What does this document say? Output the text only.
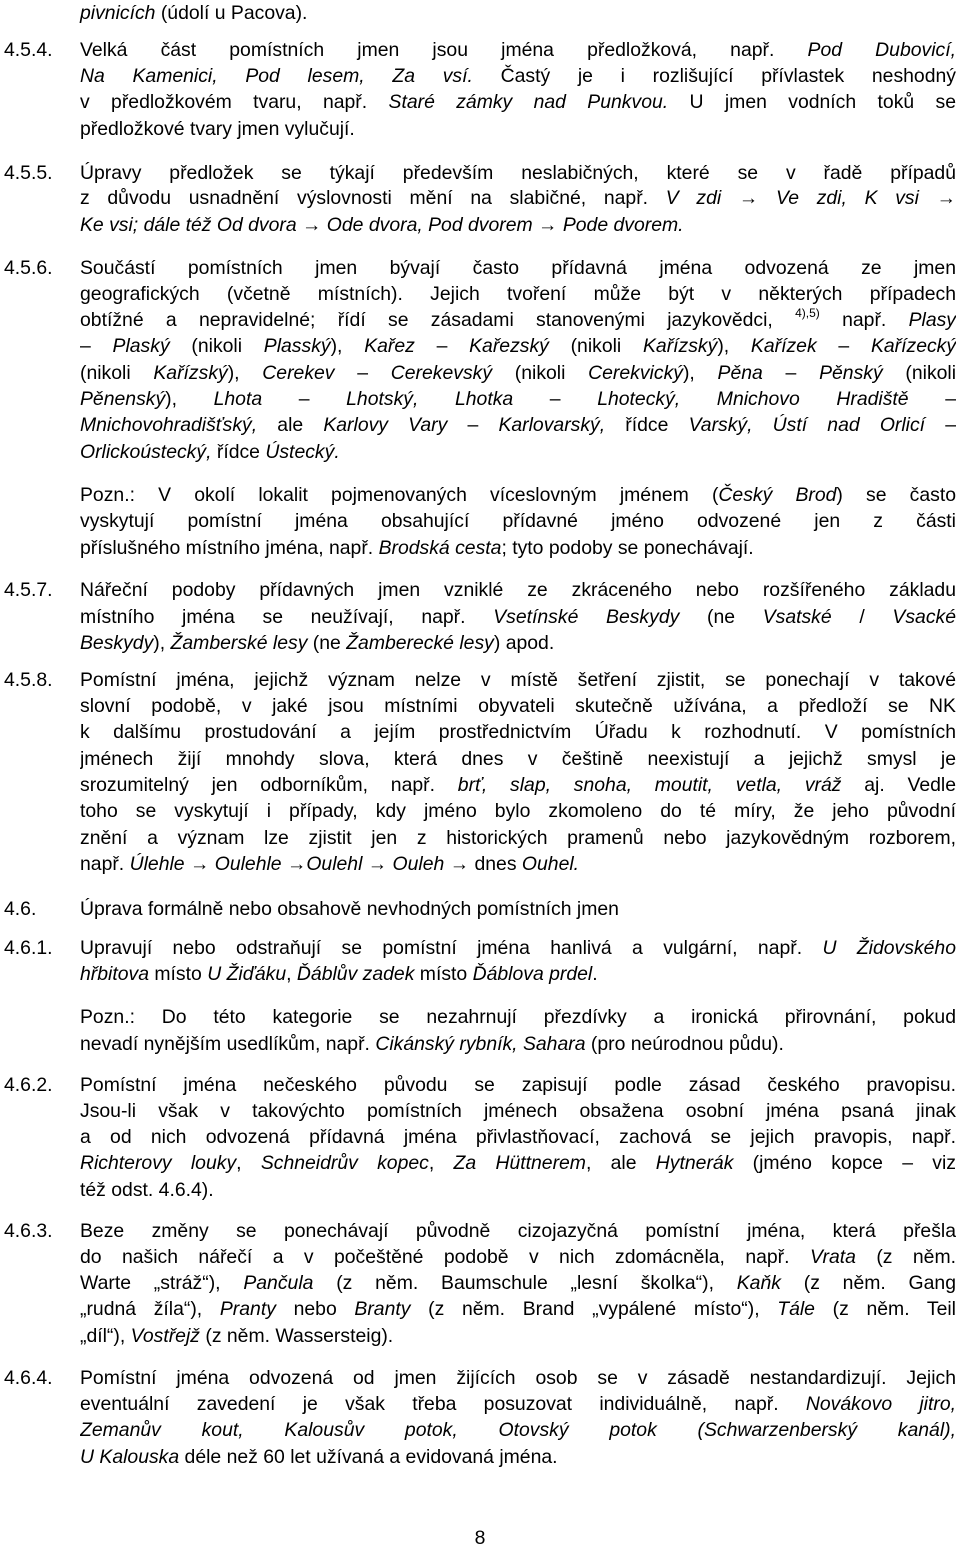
pivnicích (údolí u Pacova).
4.5.4. Velká část pomístních jmen jsou jména předložková, např. Pod Dubovicí,
Na Kamenici, Pod lesem, Za vsí. Častý je i rozlišující přívlastek neshodný
v předložkovém tvaru, např. Staré zámky nad Punkvou. U jmen vodních toků se
předložkové tvary jmen vylučují.
4.5.5. Úpravy předložek se týkají především neslabičných, které se v řadě případů
z důvodu usnadnění výslovnosti mění na slabičné, např. V zdi → Ve zdi, K vsi →
Ke vsi; dále též Od dvora → Ode dvora, Pod dvorem → Pode dvorem.
4.5.6. Součástí pomístních jmen bývají často přídavná jména odvozená ze jmen
geografických (včetně místních). Jejich tvoření může být v některých případech
obtížné a nepravidelné; řídí se zásadami stanovenými jazykovědci, $^{4),5)}$ např. Plasy
– Plaský (nikoli Plasský), Kařez – Kařezský (nikoli Kařízský), Kařízek – Kařízecký
(nikoli Kařízský), Cerekev – Cerekevský (nikoli Cerekvický), Pěna – Pěnský (nikoli
Pěnenský), Lhota – Lhotský, Lhotka – Lhotecký, Mnichovo Hradiště –
Mnichovohradišťský, ale Karlovy Vary – Karlovarský, řídce Varský, Ústí nad Orlicí –
Orlickoústecký, řídce Ústecký.
Pozn.: V okolí lokalit pojmenovaných víceslovným jménem (Český Brod) se často
vyskytují pomístní jména obsahující přídavné jméno odvozené jen z části
příslušného místního jména, např. Brodská cesta; tyto podoby se ponechávají.
4.5.7. Nářeční podoby přídavných jmen vzniklé ze zkráceného nebo rozšířeného základu
místního jména se neužívají, např. Vsetínské Beskydy (ne Vsatské / Vsacké
Beskydy), Žamberské lesy (ne Žamberecké lesy) apod.
4.5.8. Pomístní jména, jejichž význam nelze v místě šetření zjistit, se ponechají v takové
slovní podobě, v jaké jsou místními obyvateli skutečně užívána, a předloží se NK
k dalšímu prostudování a jejím prostřednictvím Úřadu k rozhodnutí. V pomístních
jménech žijí mnohdy slova, která dnes v češtině neexistují a jejichž smysl je
srozumitelný jen odborníkům, např. brť, slap, snoha, moutit, vetla, vráž aj. Vedle
toho se vyskytují i případy, kdy jméno bylo zkomoleno do té míry, že jeho původní
znění a význam lze zjistit jen z historických pramenů nebo jazykovědným rozborem,
např. Úlehle → Oulehle →Oulehl → Ouleh → dnes Ouhel.
4.6. Úprava formálně nebo obsahově nevhodných pomístních jmen
4.6.1. Upravují nebo odstraňují se pomístní jména hanlivá a vulgární, např. U Židovského
hřbitova místo U Žiďáku, Ďáblův zadek místo Ďáblova prdel.
Pozn.: Do této kategorie se nezahrnují přezdívky a ironická přirovnání, pokud
nevadí nynějším usedlíkům, např. Cikánský rybník, Sahara (pro neúrodnou půdu).
4.6.2. Pomístní jména nečeského původu se zapisují podle zásad českého pravopisu.
Jsou-li však v takovýchto pomístních jménech obsažena osobní jména psaná jinak
a od nich odvozená přídavná jména přivlastňovací, zachová se jejich pravopis, např.
Richterovy louky, Schneidrův kopec, Za Hüttnerem, ale Hytnerák (jméno kopce – viz
též odst. 4.6.4).
4.6.3. Beze změny se ponechávají původně cizojazyčná pomístní jména, která přešla
do našich nářečí a v počeštěné podobě v nich zdomácněla, např. Vrata (z něm.
Warte „stráž“), Pančula (z něm. Baumschule „lesní školka“), Kaňk (z něm. Gang
„rudná žíla“), Pranty nebo Branty (z něm. Brand „vypálené místo“), Tále (z něm. Teil
„díl“), Vostřejž (z něm. Wassersteig).
4.6.4. Pomístní jména odvozená od jmen žijících osob se v zásadě nestandardizují. Jejich
eventuální zavedení je však třeba posuzovat individuálně, např. Novákovo jitro,
Zemanův kout, Kalousův potok, Otovský potok (Schwarzenberský kanál),
U Kalouska déle než 60 let užívaná a evidovaná jména.
8
